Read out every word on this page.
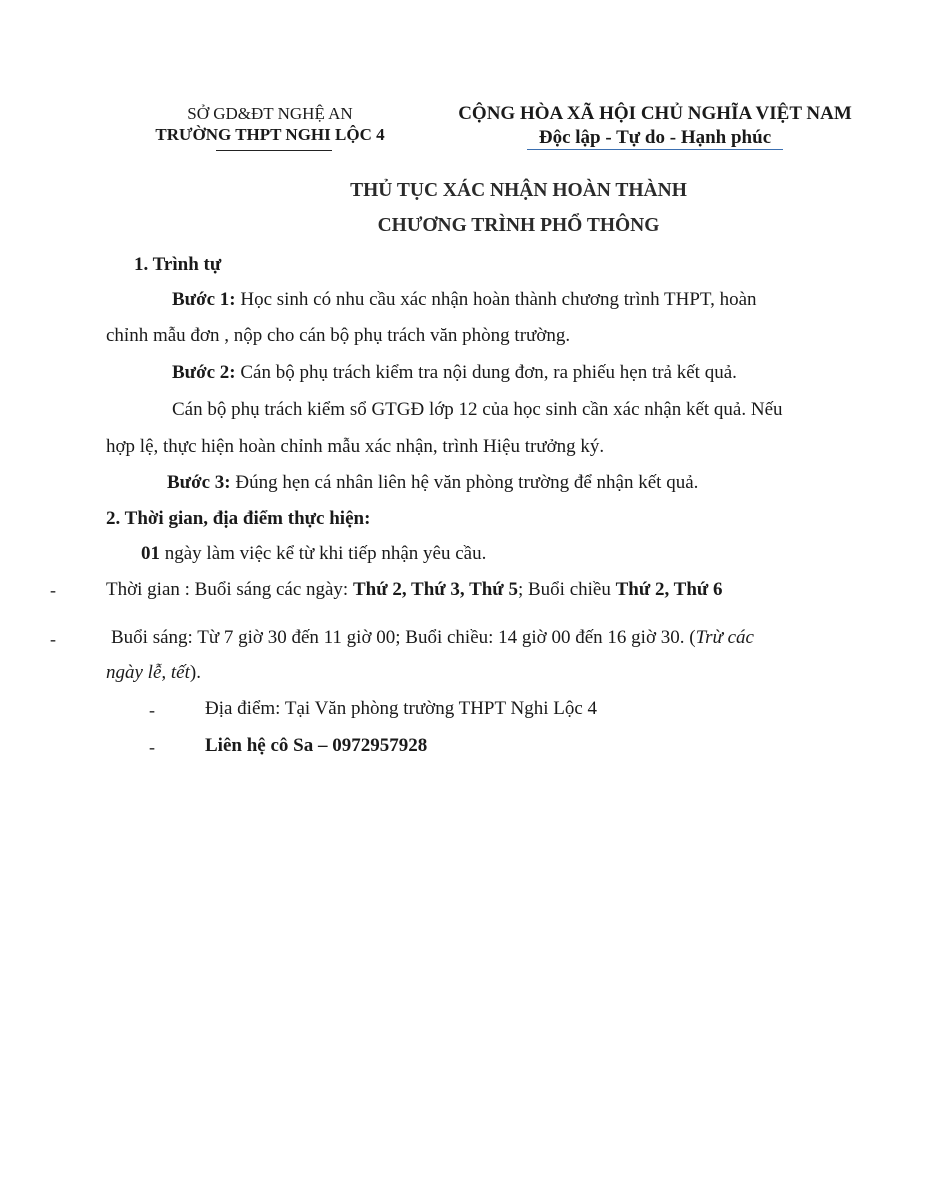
SỞ GD&ĐT NGHỆ AN
TRƯỜNG THPT NGHI LỘC 4
CỘNG HÒA XÃ HỘI CHỦ NGHĨA VIỆT NAM
Độc lập - Tự do - Hạnh phúc
THỦ TỤC XÁC NHẬN HOÀN THÀNH
CHƯƠNG TRÌNH PHỔ THÔNG
1. Trình tự
Bước 1: Học sinh có nhu cầu xác nhận hoàn thành chương trình THPT, hoàn
chỉnh mẫu đơn , nộp cho cán bộ phụ trách văn phòng trường.
Bước 2: Cán bộ phụ trách kiểm tra nội dung đơn, ra phiếu hẹn trả kết quả.
Cán bộ phụ trách kiểm sổ GTGĐ lớp 12 của học sinh cần xác nhận kết quả. Nếu
hợp lệ, thực hiện hoàn chỉnh mẫu xác nhận, trình Hiệu trưởng ký.
Bước 3: Đúng hẹn cá nhân liên hệ văn phòng trường để nhận kết quả.
2. Thời gian, địa điểm thực hiện:
01 ngày làm việc kể từ khi tiếp nhận yêu cầu.
-	Thời gian : Buổi sáng các ngày: Thứ 2, Thứ 3, Thứ 5; Buổi chiều Thứ 2, Thứ 6
-	Buổi sáng: Từ 7 giờ 30 đến 11 giờ 00; Buổi chiều: 14 giờ 00 đến 16 giờ 30. (Trừ các
ngày lễ, tết).
-	Địa điểm: Tại Văn phòng trường THPT Nghi Lộc 4
-	Liên hệ cô Sa – 0972957928
